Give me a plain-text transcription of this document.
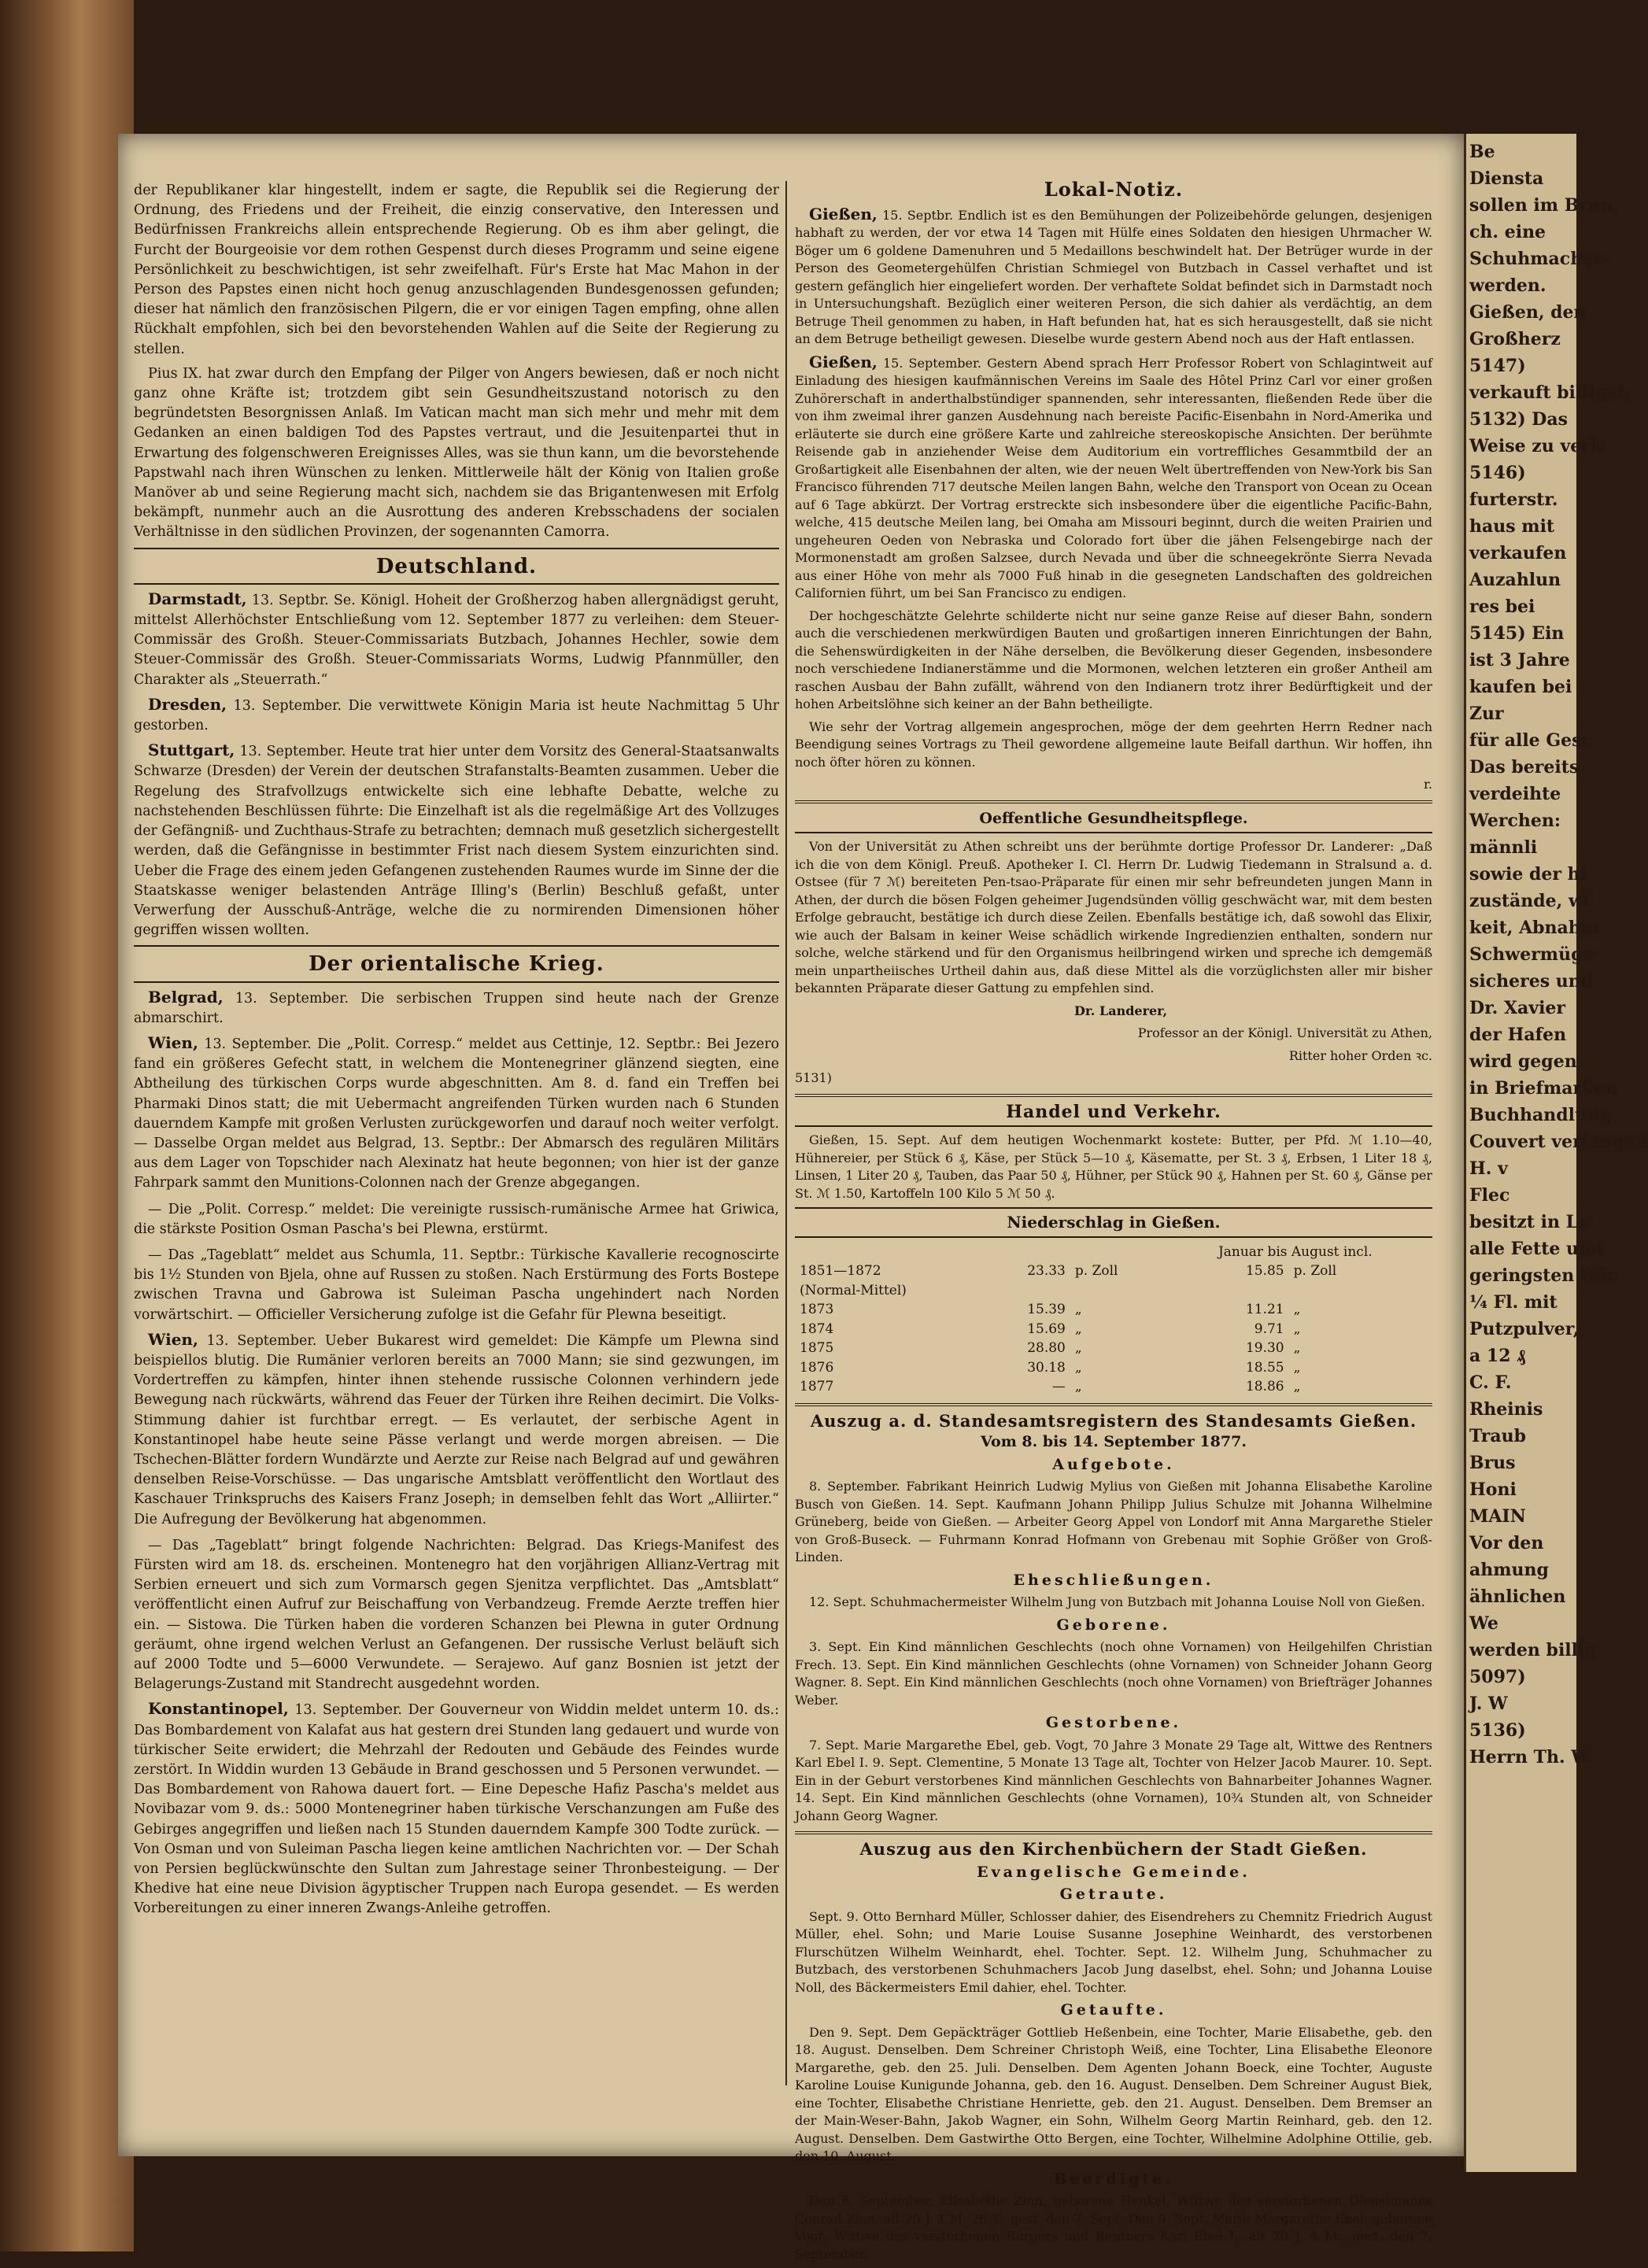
der Republikaner klar hingestellt, indem er sagte, die Republik sei die Regierung der Ordnung, des Friedens und der Freiheit, die einzig conservative, den Interessen und Bedürfnissen Frankreichs allein entsprechende Regierung. Ob es ihm aber gelingt, die Furcht der Bourgeoisie vor dem rothen Gespenst durch dieses Programm und seine eigene Persönlichkeit zu beschwichtigen, ist sehr zweifelhaft. Für's Erste hat Mac Mahon in der Person des Papstes einen nicht hoch genug anzuschlagenden Bundesgenossen gefunden; dieser hat nämlich den französischen Pilgern, die er vor einigen Tagen empfing, ohne allen Rückhalt empfohlen, sich bei den bevorstehenden Wahlen auf die Seite der Regierung zu stellen.

Pius IX. hat zwar durch den Empfang der Pilger von Angers bewiesen, daß er noch nicht ganz ohne Kräfte ist; trotzdem gibt sein Gesundheitszustand notorisch zu den begründetsten Besorgnissen Anlaß. Im Vatican macht man sich mehr und mehr mit dem Gedanken an einen baldigen Tod des Papstes vertraut, und die Jesuitenpartei thut in Erwartung des folgenschweren Ereignisses Alles, was sie thun kann, um die bevorstehende Papstwahl nach ihren Wünschen zu lenken. Mittlerweile hält der König von Italien große Manöver ab und seine Regierung macht sich, nachdem sie das Brigantenwesen mit Erfolg bekämpft, nunmehr auch an die Ausrottung des anderen Krebsschadens der socialen Verhältnisse in den südlichen Provinzen, der sogenannten Camorra.

Deutschland.

Darmstadt, 13. Septbr. Se. Königl. Hoheit der Großherzog haben allergnädigst geruht, mittelst Allerhöchster Entschließung vom 12. September 1877 zu verleihen: dem Steuer-Commissär des Großh. Steuer-Commissariats Butzbach, Johannes Hechler, sowie dem Steuer-Commissär des Großh. Steuer-Commissariats Worms, Ludwig Pfannmüller, den Charakter als „Steuerrath.“

Dresden, 13. September. Die verwittwete Königin Maria ist heute Nachmittag 5 Uhr gestorben.

Stuttgart, 13. September. Heute trat hier unter dem Vorsitz des General-Staatsanwalts Schwarze (Dresden) der Verein der deutschen Strafanstalts-Beamten zusammen. Ueber die Regelung des Strafvollzugs entwickelte sich eine lebhafte Debatte, welche zu nachstehenden Beschlüssen führte: Die Einzelhaft ist als die regelmäßige Art des Vollzuges der Gefängniß- und Zuchthaus-Strafe zu betrachten; demnach muß gesetzlich sichergestellt werden, daß die Gefängnisse in bestimmter Frist nach diesem System einzurichten sind. Ueber die Frage des einem jeden Gefangenen zustehenden Raumes wurde im Sinne der die Staatskasse weniger belastenden Anträge Illing's (Berlin) Beschluß gefaßt, unter Verwerfung der Ausschuß-Anträge, welche die zu normirenden Dimensionen höher gegriffen wissen wollten.

Der orientalische Krieg.

Belgrad, 13. September. Die serbischen Truppen sind heute nach der Grenze abmarschirt.

Wien, 13. September. Die „Polit. Corresp.“ meldet aus Cettinje, 12. Septbr.: Bei Jezero fand ein größeres Gefecht statt, in welchem die Montenegriner glänzend siegten, eine Abtheilung des türkischen Corps wurde abgeschnitten. Am 8. d. fand ein Treffen bei Pharmaki Dinos statt; die mit Uebermacht angreifenden Türken wurden nach 6 Stunden dauerndem Kampfe mit großen Verlusten zurückgeworfen und darauf noch weiter verfolgt. — Dasselbe Organ meldet aus Belgrad, 13. Septbr.: Der Abmarsch des regulären Militärs aus dem Lager von Topschider nach Alexinatz hat heute begonnen; von hier ist der ganze Fahrpark sammt den Munitions-Colonnen nach der Grenze abgegangen.

— Die „Polit. Corresp.“ meldet: Die vereinigte russisch-rumänische Armee hat Griwica, die stärkste Position Osman Pascha's bei Plewna, erstürmt.

— Das „Tageblatt“ meldet aus Schumla, 11. Septbr.: Türkische Kavallerie recognoscirte bis 1½ Stunden von Bjela, ohne auf Russen zu stoßen. Nach Erstürmung des Forts Bostepe zwischen Travna und Gabrowa ist Suleiman Pascha ungehindert nach Norden vorwärtschirt. — Officieller Versicherung zufolge ist die Gefahr für Plewna beseitigt.

Wien, 13. September. Ueber Bukarest wird gemeldet: Die Kämpfe um Plewna sind beispiellos blutig. Die Rumänier verloren bereits an 7000 Mann; sie sind gezwungen, im Vordertreffen zu kämpfen, hinter ihnen stehende russische Colonnen verhindern jede Bewegung nach rückwärts, während das Feuer der Türken ihre Reihen decimirt. Die Volks-Stimmung dahier ist furchtbar erregt. — Es verlautet, der serbische Agent in Konstantinopel habe heute seine Pässe verlangt und werde morgen abreisen. — Die Tschechen-Blätter fordern Wundärzte und Aerzte zur Reise nach Belgrad auf und gewähren denselben Reise-Vorschüsse. — Das ungarische Amtsblatt veröffentlicht den Wortlaut des Kaschauer Trinkspruchs des Kaisers Franz Joseph; in demselben fehlt das Wort „Alliirter.“ Die Aufregung der Bevölkerung hat abgenommen.

— Das „Tageblatt“ bringt folgende Nachrichten: Belgrad. Das Kriegs-Manifest des Fürsten wird am 18. ds. erscheinen. Montenegro hat den vorjährigen Allianz-Vertrag mit Serbien erneuert und sich zum Vormarsch gegen Sjenitza verpflichtet. Das „Amtsblatt“ veröffentlicht einen Aufruf zur Beischaffung von Verbandzeug. Fremde Aerzte treffen hier ein. — Sistowa. Die Türken haben die vorderen Schanzen bei Plewna in guter Ordnung geräumt, ohne irgend welchen Verlust an Gefangenen. Der russische Verlust beläuft sich auf 2000 Todte und 5—6000 Verwundete. — Serajewo. Auf ganz Bosnien ist jetzt der Belagerungs-Zustand mit Standrecht ausgedehnt worden.

Konstantinopel, 13. September. Der Gouverneur von Widdin meldet unterm 10. ds.: Das Bombardement von Kalafat aus hat gestern drei Stunden lang gedauert und wurde von türkischer Seite erwidert; die Mehrzahl der Redouten und Gebäude des Feindes wurde zerstört. In Widdin wurden 13 Gebäude in Brand geschossen und 5 Personen verwundet. — Das Bombardement von Rahowa dauert fort. — Eine Depesche Hafiz Pascha's meldet aus Novibazar vom 9. ds.: 5000 Montenegriner haben türkische Verschanzungen am Fuße des Gebirges angegriffen und ließen nach 15 Stunden dauerndem Kampfe 300 Todte zurück. — Von Osman und von Suleiman Pascha liegen keine amtlichen Nachrichten vor. — Der Schah von Persien beglückwünschte den Sultan zum Jahrestage seiner Thronbesteigung. — Der Khedive hat eine neue Division ägyptischer Truppen nach Europa gesendet. — Es werden Vorbereitungen zu einer inneren Zwangs-Anleihe getroffen.

Lokal-Notiz.

Gießen, 15. Septbr. Endlich ist es den Bemühungen der Polizeibehörde gelungen, desjenigen habhaft zu werden, der vor etwa 14 Tagen mit Hülfe eines Soldaten den hiesigen Uhrmacher W. Böger um 6 goldene Damenuhren und 5 Medaillons beschwindelt hat. Der Betrüger wurde in der Person des Geometergehülfen Christian Schmiegel von Butzbach in Cassel verhaftet und ist gestern gefänglich hier eingeliefert worden. Der verhaftete Soldat befindet sich in Darmstadt noch in Untersuchungshaft. Bezüglich einer weiteren Person, die sich dahier als verdächtig, an dem Betruge Theil genommen zu haben, in Haft befunden hat, hat es sich herausgestellt, daß sie nicht an dem Betruge betheiligt gewesen. Dieselbe wurde gestern Abend noch aus der Haft entlassen.

Gießen, 15. September. Gestern Abend sprach Herr Professor Robert von Schlagintweit auf Einladung des hiesigen kaufmännischen Vereins im Saale des Hôtel Prinz Carl vor einer großen Zuhörerschaft in anderthalbstündiger spannenden, sehr interessanten, fließenden Rede über die von ihm zweimal ihrer ganzen Ausdehnung nach bereiste Pacific-Eisenbahn in Nord-Amerika und erläuterte sie durch eine größere Karte und zahlreiche stereoskopische Ansichten. Der berühmte Reisende gab in anziehender Weise dem Auditorium ein vortreffliches Gesammtbild der an Großartigkeit alle Eisenbahnen der alten, wie der neuen Welt übertreffenden von New-York bis San Francisco führenden 717 deutsche Meilen langen Bahn, welche den Transport von Ocean zu Ocean auf 6 Tage abkürzt. Der Vortrag erstreckte sich insbesondere über die eigentliche Pacific-Bahn, welche, 415 deutsche Meilen lang, bei Omaha am Missouri beginnt, durch die weiten Prairien und ungeheuren Oeden von Nebraska und Colorado fort über die jähen Felsengebirge nach der Mormonenstadt am großen Salzsee, durch Nevada und über die schneegekrönte Sierra Nevada aus einer Höhe von mehr als 7000 Fuß hinab in die gesegneten Landschaften des goldreichen Californien führt, um bei San Francisco zu endigen.

Der hochgeschätzte Gelehrte schilderte nicht nur seine ganze Reise auf dieser Bahn, sondern auch die verschiedenen merkwürdigen Bauten und großartigen inneren Einrichtungen der Bahn, die Sehenswürdigkeiten in der Nähe derselben, die Bevölkerung dieser Gegenden, insbesondere noch verschiedene Indianerstämme und die Mormonen, welchen letzteren ein großer Antheil am raschen Ausbau der Bahn zufällt, während von den Indianern trotz ihrer Bedürftigkeit und der hohen Arbeitslöhne sich keiner an der Bahn betheiligte.

Wie sehr der Vortrag allgemein angesprochen, möge der dem geehrten Herrn Redner nach Beendigung seines Vortrags zu Theil gewordene allgemeine laute Beifall darthun. Wir hoffen, ihn noch öfter hören zu können.

r.

Oeffentliche Gesundheitspflege.

Von der Universität zu Athen schreibt uns der berühmte dortige Professor Dr. Landerer: „Daß ich die von dem Königl. Preuß. Apotheker I. Cl. Herrn Dr. Ludwig Tiedemann in Stralsund a. d. Ostsee (für 7 ℳ) bereiteten Pen-tsao-Präparate für einen mir sehr befreundeten jungen Mann in Athen, der durch die bösen Folgen geheimer Jugendsünden völlig geschwächt war, mit dem besten Erfolge gebraucht, bestätige ich durch diese Zeilen. Ebenfalls bestätige ich, daß sowohl das Elixir, wie auch der Balsam in keiner Weise schädlich wirkende Ingredienzien enthalten, sondern nur solche, welche stärkend und für den Organismus heilbringend wirken und spreche ich demgemäß mein unpartheiisches Urtheil dahin aus, daß diese Mittel als die vorzüglichsten aller mir bisher bekannten Präparate dieser Gattung zu empfehlen sind.

Dr. Landerer,

Professor an der Königl. Universität zu Athen,

Ritter hoher Orden ꝛc.

5131)

Handel und Verkehr.

Gießen, 15. Sept. Auf dem heutigen Wochenmarkt kostete: Butter, per Pfd. ℳ 1.10—40, Hühnereier, per Stück 6 ₰, Käse, per Stück 5—10 ₰, Käsematte, per St. 3 ₰, Erbsen, 1 Liter 18 ₰, Linsen, 1 Liter 20 ₰, Tauben, das Paar 50 ₰, Hühner, per Stück 90 ₰, Hahnen per St. 60 ₰, Gänse per St. ℳ 1.50, Kartoffeln 100 Kilo 5 ℳ 50 ₰.

Niederschlag in Gießen.
			Januar bis August incl.	
1851—1872	23.33	p. Zoll	15.85	p. Zoll
(Normal-Mittel)				
1873	15.39	„	11.21	„
1874	15.69	„	9.71	„
1875	28.80	„	19.30	„
1876	30.18	„	18.55	„
1877	—	„	18.86	„
Auszug a. d. Standesamtsregistern des Standesamts Gießen.
Vom 8. bis 14. September 1877.
Aufgebote.

8. September. Fabrikant Heinrich Ludwig Mylius von Gießen mit Johanna Elisabethe Karoline Busch von Gießen. 14. Sept. Kaufmann Johann Philipp Julius Schulze mit Johanna Wilhelmine Grüneberg, beide von Gießen. — Arbeiter Georg Appel von Londorf mit Anna Margarethe Stieler von Groß-Buseck. — Fuhrmann Konrad Hofmann von Grebenau mit Sophie Größer von Groß-Linden.

Eheschließungen.

12. Sept. Schuhmachermeister Wilhelm Jung von Butzbach mit Johanna Louise Noll von Gießen.

Geborene.

3. Sept. Ein Kind männlichen Geschlechts (noch ohne Vornamen) von Heilgehilfen Christian Frech. 13. Sept. Ein Kind männlichen Geschlechts (ohne Vornamen) von Schneider Johann Georg Wagner. 8. Sept. Ein Kind männlichen Geschlechts (noch ohne Vornamen) von Briefträger Johannes Weber.

Gestorbene.

7. Sept. Marie Margarethe Ebel, geb. Vogt, 70 Jahre 3 Monate 29 Tage alt, Wittwe des Rentners Karl Ebel I. 9. Sept. Clementine, 5 Monate 13 Tage alt, Tochter von Helzer Jacob Maurer. 10. Sept. Ein in der Geburt verstorbenes Kind männlichen Geschlechts von Bahnarbeiter Johannes Wagner. 14. Sept. Ein Kind männlichen Geschlechts (ohne Vornamen), 10¾ Stunden alt, von Schneider Johann Georg Wagner.

Auszug aus den Kirchenbüchern der Stadt Gießen.
Evangelische Gemeinde.
Getraute.

Sept. 9. Otto Bernhard Müller, Schlosser dahier, des Eisendrehers zu Chemnitz Friedrich August Müller, ehel. Sohn; und Marie Louise Susanne Josephine Weinhardt, des verstorbenen Flurschützen Wilhelm Weinhardt, ehel. Tochter. Sept. 12. Wilhelm Jung, Schuhmacher zu Butzbach, des verstorbenen Schuhmachers Jacob Jung daselbst, ehel. Sohn; und Johanna Louise Noll, des Bäckermeisters Emil dahier, ehel. Tochter.

Getaufte.

Den 9. Sept. Dem Gepäckträger Gottlieb Heßenbein, eine Tochter, Marie Elisabethe, geb. den 18. August. Denselben. Dem Schreiner Christoph Weiß, eine Tochter, Lina Elisabethe Eleonore Margarethe, geb. den 25. Juli. Denselben. Dem Agenten Johann Boeck, eine Tochter, Auguste Karoline Louise Kunigunde Johanna, geb. den 16. August. Denselben. Dem Schreiner August Biek, eine Tochter, Elisabethe Christiane Henriette, geb. den 21. August. Denselben. Dem Bremser an der Main-Weser-Bahn, Jakob Wagner, ein Sohn, Wilhelm Georg Martin Reinhard, geb. den 12. August. Denselben. Dem Gastwirthe Otto Bergen, eine Tochter, Wilhelmine Adolphine Ottilie, geb. den 10. August.

Beerdigte.

Den 8. September. Elisabethe Zinn, geborene Henkel, Wittwe des verstorbenen Dienstmanns Conrad Zinn, alt 29 J. 1 M. 26 T., gest. den 7. Sept. Den 9. Sept. Marie Margarethe Ebel, geborene Vogt, Wittwe des verstorbenen Bürgers und Rentners Karl Ebel I., alt 70 J. 4 M., gest. den 7. September.

Be
Diensta
sollen im Brun
ch. eine
Schuhmacher-
werden.
Gießen, den
Großherz
5147)
verkauft billigst
5132) Das
Weise zu verk
5146)
furterstr.
haus mit
verkaufen
Auzahlun
res bei
5145) Ein
ist 3 Jahre
kaufen bei
Zur
für alle Gesc
Das bereits
verdeihte
Werchen:
männli
sowie der hi
zustände, wi
keit, Abnahm
Schwermüge
sicheres und
Dr. Xavier
der Hafen
wird gegen
in Briefmarken
Buchhandlung
Couvert verlangen
H. v
Flec
besitzt in Lo
alle Fette und
geringsten Rüc
¼ Fl. mit
Putzpulver,
a 12 ₰
C. F.
Rheinis
Traub
Brus
Honi
MAIN
Vor den
ahmung
ähnlichen
We
werden billig
5097)
J. W
5136)
Herrn Th. W
